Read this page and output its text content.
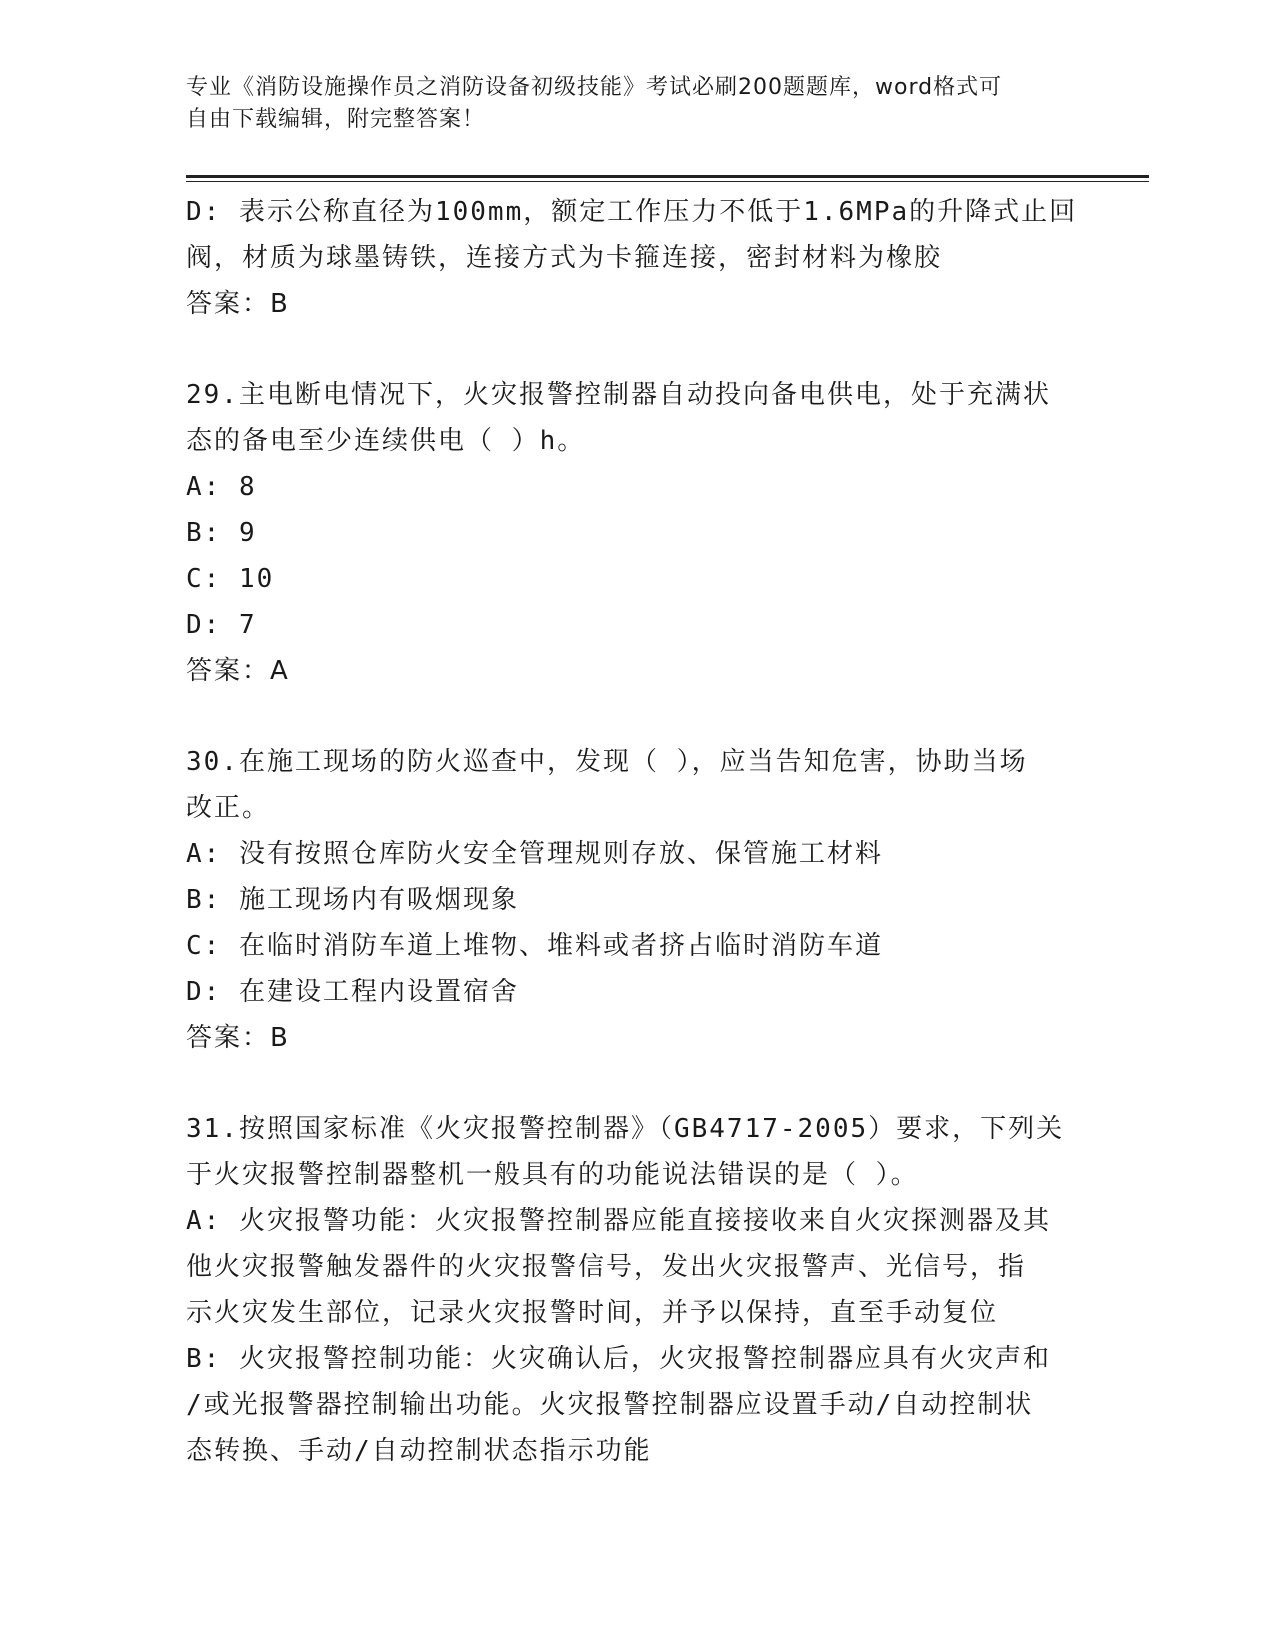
专业《消防设施操作员之消防设备初级技能》考试必刷200题题库，word格式可
自由下载编辑，附完整答案！
D: 表示公称直径为100mm，额定工作压力不低于1.6MPa的升降式止回
阀，材质为球墨铸铁，连接方式为卡箍连接，密封材料为橡胶
答案：B
29.主电断电情况下，火灾报警控制器自动投向备电供电，处于充满状
态的备电至少连续供电（ ）h。
A: 8
B: 9
C: 10
D: 7
答案：A
30.在施工现场的防火巡查中，发现（ ），应当告知危害，协助当场
改正。
A: 没有按照仓库防火安全管理规则存放、保管施工材料
B: 施工现场内有吸烟现象
C: 在临时消防车道上堆物、堆料或者挤占临时消防车道
D: 在建设工程内设置宿舍
答案：B
31.按照国家标准《火灾报警控制器》（GB4717-2005）要求，下列关
于火灾报警控制器整机一般具有的功能说法错误的是（ ）。
A: 火灾报警功能：火灾报警控制器应能直接接收来自火灾探测器及其
他火灾报警触发器件的火灾报警信号，发出火灾报警声、光信号，指
示火灾发生部位，记录火灾报警时间，并予以保持，直至手动复位
B: 火灾报警控制功能：火灾确认后，火灾报警控制器应具有火灾声和
/或光报警器控制输出功能。火灾报警控制器应设置手动/自动控制状
态转换、手动/自动控制状态指示功能
